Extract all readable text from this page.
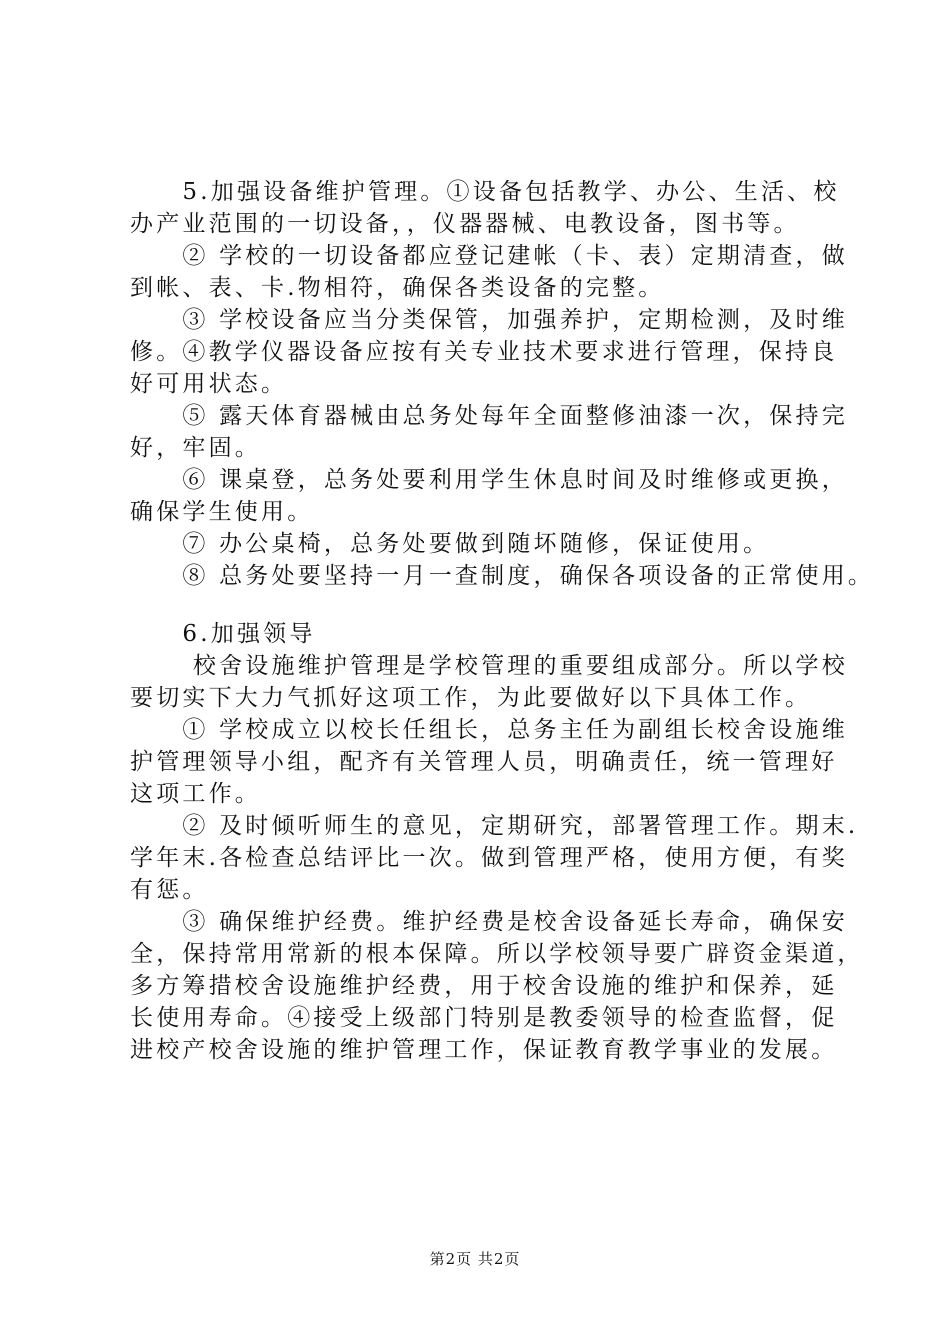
　　5.加强设备维护管理。①设备包括教学、办公、生活、校
办产业范围的一切设备，，仪器器械、电教设备，图书等。
　　② 学校的一切设备都应登记建帐（卡、表）定期清查，做
到帐、表、卡.物相符，确保各类设备的完整。
　　③ 学校设备应当分类保管，加强养护，定期检测，及时维
修。④教学仪器设备应按有关专业技术要求进行管理，保持良
好可用状态。
　　⑤ 露天体育器械由总务处每年全面整修油漆一次，保持完
好，牢固。
　　⑥ 课桌登，总务处要利用学生休息时间及时维修或更换，
确保学生使用。
　　⑦ 办公桌椅，总务处要做到随坏随修，保证使用。
　　⑧ 总务处要坚持一月一查制度，确保各项设备的正常使用。
　　6.加强领导
　　 校舍设施维护管理是学校管理的重要组成部分。所以学校
要切实下大力气抓好这项工作，为此要做好以下具体工作。
　　① 学校成立以校长任组长，总务主任为副组长校舍设施维
护管理领导小组，配齐有关管理人员，明确责任，统一管理好
这项工作。
　　② 及时倾听师生的意见，定期研究，部署管理工作。期末.
学年末.各检查总结评比一次。做到管理严格，使用方便，有奖
有惩。
　　③ 确保维护经费。维护经费是校舍设备延长寿命，确保安
全，保持常用常新的根本保障。所以学校领导要广辟资金渠道，
多方筹措校舍设施维护经费，用于校舍设施的维护和保养，延
长使用寿命。④接受上级部门特别是教委领导的检查监督，促
进校产校舍设施的维护管理工作，保证教育教学事业的发展。
第2页 共2页
